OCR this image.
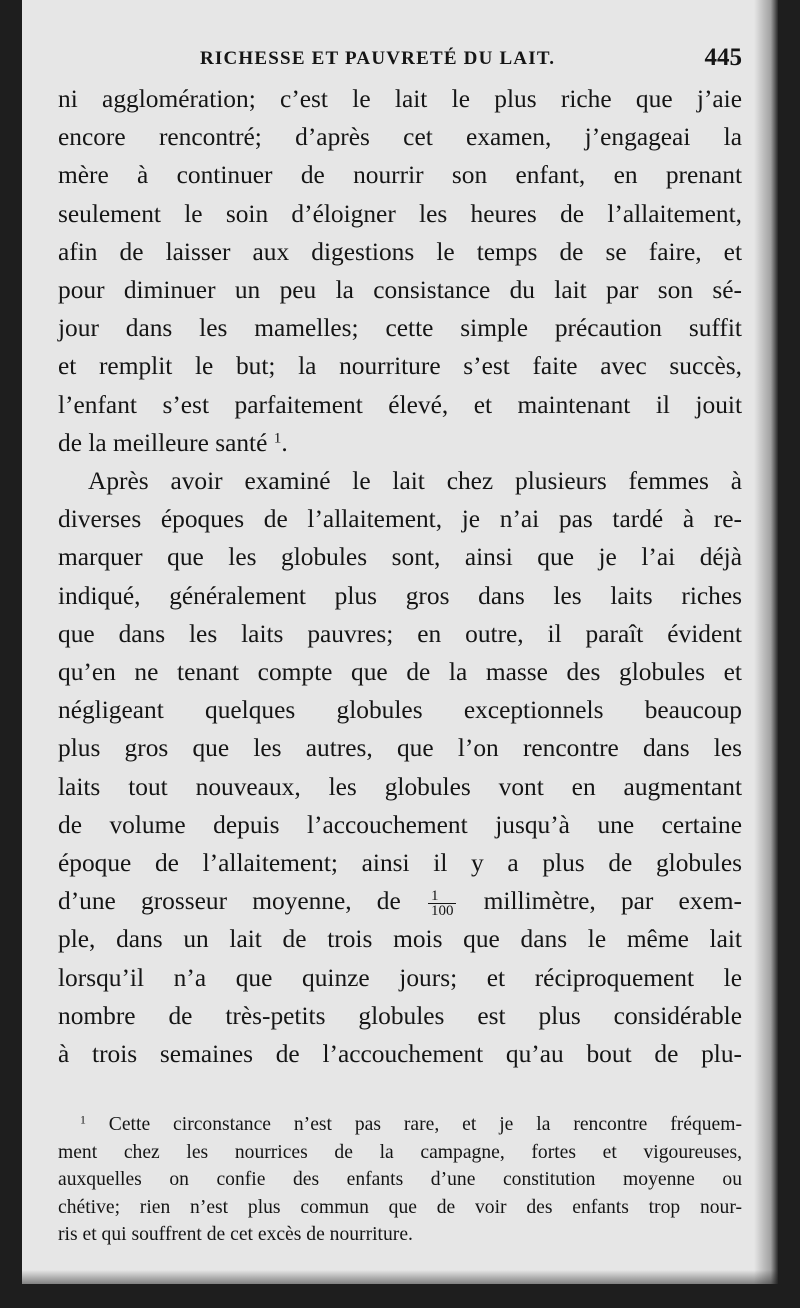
RICHESSE ET PAUVRETÉ DU LAIT.	445
ni agglomération; c’est le lait le plus riche que j’aie
encore rencontré; d’après cet examen, j’engageai la
mère à continuer de nourrir son enfant, en prenant
seulement le soin d’éloigner les heures de l’allaitement,
afin de laisser aux digestions le temps de se faire, et
pour diminuer un peu la consistance du lait par son sé-
jour dans les mamelles; cette simple précaution suffit
et remplit le but; la nourriture s’est faite avec succès,
l’enfant s’est parfaitement élevé, et maintenant il jouit
de la meilleure santé $^1$.
Après avoir examiné le lait chez plusieurs femmes à
diverses époques de l’allaitement, je n’ai pas tardé à re-
marquer que les globules sont, ainsi que je l’ai déjà
indiqué, généralement plus gros dans les laits riches
que dans les laits pauvres; en outre, il paraît évident
qu’en ne tenant compte que de la masse des globules et
négligeant quelques globules exceptionnels beaucoup
plus gros que les autres, que l’on rencontre dans les
laits tout nouveaux, les globules vont en augmentant
de volume depuis l’accouchement jusqu’à une certaine
époque de l’allaitement; ainsi il y a plus de globules
d’une grosseur moyenne, de $\frac{1}{100}$ millimètre, par exem-
ple, dans un lait de trois mois que dans le même lait
lorsqu’il n’a que quinze jours; et réciproquement le
nombre de très-petits globules est plus considérable
à trois semaines de l’accouchement qu’au bout de plu-
$^1$ Cette circonstance n’est pas rare, et je la rencontre fréquem-
ment chez les nourrices de la campagne, fortes et vigoureuses,
auxquelles on confie des enfants d’une constitution moyenne ou
chétive; rien n’est plus commun que de voir des enfants trop nour-
ris et qui souffrent de cet excès de nourriture.
